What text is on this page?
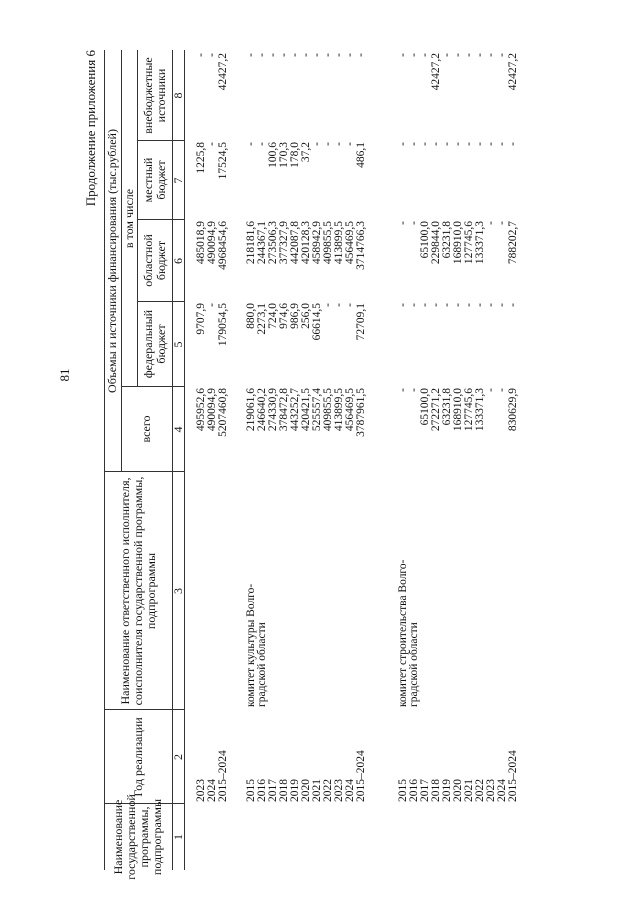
81
Продолжение приложения 6
Наименование государственной программы, подпрограммы
Год реализации
Наименование ответственного исполнителя, соисполнителя государственной программы, подпрограммы
Объемы и источники финансирования (тыс.рублей)
всего
в том числе
федеральный бюджет
областной бюджет
местный бюджет
внебюджетные источники
1
2
3
4
5
6
7
8
2023
495952,6
9707,9
485018,9
1225,8
-
2024
490094,9
-
490094,9
-
-
2015–2024
5207460,8
179054,5
4968454,6
17524,5
42427,2
2015
комитет культуры Волго-
219061,6
880,0
218181,6
-
-
2016
градской области
246640,2
2273,1
244367,1
-
-
2017
274330,9
724,0
273506,3
100,6
-
2018
378472,8
974,6
377327,9
170,3
-
2019
443252,7
986,9
442087,8
178,0
-
2020
420421,5
256,0
420128,3
37,2
-
2021
525557,4
66614,5
458942,9
-
-
2022
409855,5
-
409855,5
-
-
2023
413899,5
-
413899,5
-
-
2024
456469,5
-
456469,5
-
-
2015–2024
3787961,5
72709,1
3714766,3
486,1
-
2015
комитет строительства Волго-
-
-
-
-
-
2016
градской области
-
-
-
-
-
2017
65100,0
-
65100,0
-
-
2018
272271,2
-
229844,0
-
42427,2
2019
63231,8
-
63231,8
-
-
2020
168910,0
-
168910,0
-
-
2021
127745,6
-
127745,6
-
-
2022
133371,3
-
133371,3
-
-
2023
-
-
-
-
-
2024
-
-
-
-
-
2015–2024
830629,9
-
788202,7
-
42427,2
